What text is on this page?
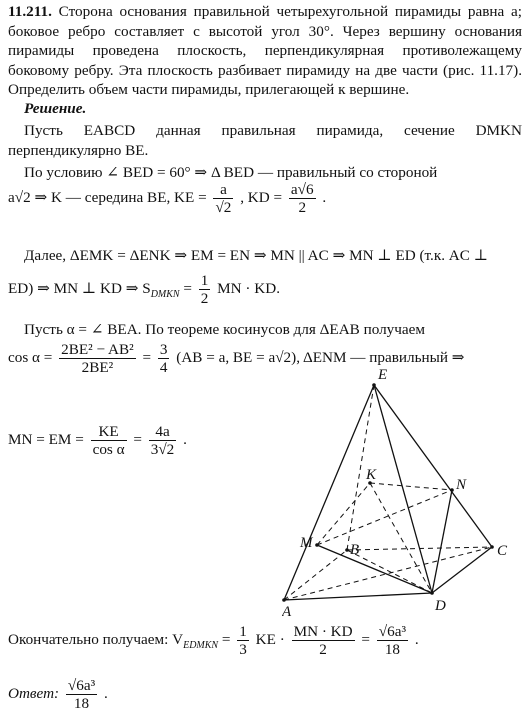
11.211. Сторона основания правильной четырехугольной пирамиды равна a; боковое ребро составляет с высотой угол 30°. Через вершину основания пирамиды проведена плоскость, перпендикулярная противолежащему боковому ребру. Эта плоскость разбивает пирамиду на две части (рис. 11.17). Определить объем части пирамиды, прилегающей к вершине.
Решение.
Пусть EABCD данная правильная пирамида, сечение DMKN перпендикулярно BE.
По условию ∠ BED = 60° ⇒ Δ BED — правильный со стороной
a√2 ⇒ K — середина BE, KE = $\frac{a}{√2}$ , KD = $\frac{a√6}{2}$ .
Далее, ΔEMK = ΔENK ⇒ EM = EN ⇒ MN || AC ⇒ MN ⊥ ED (т.к. AC ⊥
ED) ⇒ MN ⊥ KD ⇒ $S_{DMKN} = \frac{1}{2}$ MN · KD.
Пусть α = ∠ BEA. По теореме косинусов для ΔEAB получаем
$\cos \alpha = \frac{\text{2BE² − AB²}}{\text{2BE²}} = \frac{3}{4} (AB = a$, BE = a√2), ΔENM — правильный ⇒
MN = EM = $\frac{KE}{\text{cos α}} = \frac{4a}{3√2}$ .
E
K
N
M	B	C
A	D
Окончательно получаем: $V_{EDMKN} = \frac{1}{3}$ KE · $\frac{MN \cdot KD}{2} = \frac{\text{√6a³}}{18}$ .
Ответ: $\frac{\text{√6a³}}{18}$ .
